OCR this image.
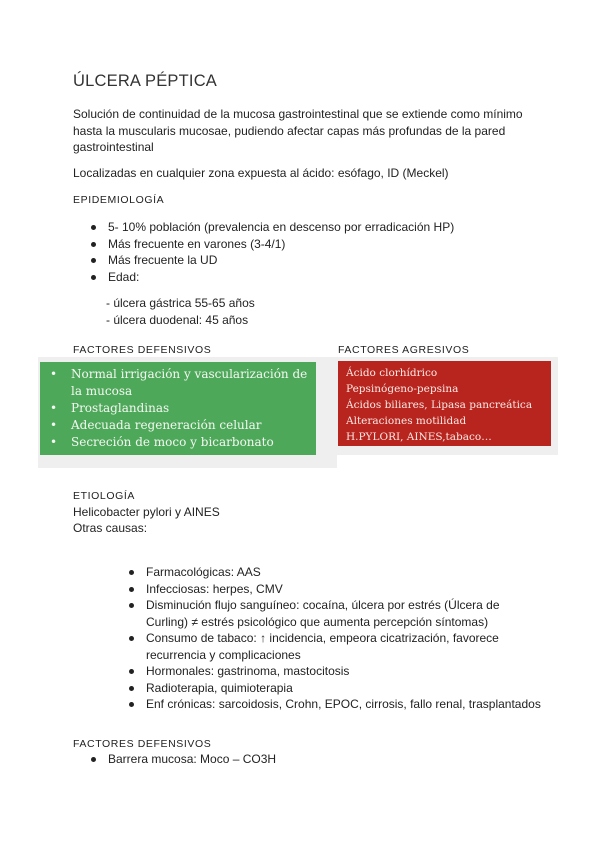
ÚLCERA PÉPTICA
Solución de continuidad de la mucosa gastrointestinal que se extiende como mínimo hasta la muscularis mucosae, pudiendo afectar capas más profundas de la pared gastrointestinal
Localizadas en cualquier zona expuesta al ácido: esófago, ID (Meckel)
EPIDEMIOLOGÍA
5- 10% población (prevalencia en descenso por erradicación HP)
Más frecuente en varones (3-4/1)
Más frecuente la UD
Edad:
- úlcera gástrica 55-65 años
- úlcera duodenal: 45 años
FACTORES DEFENSIVOS	FACTORES AGRESIVOS
• Normal irrigación y vascularización de la mucosa
• Prostaglandinas
• Adecuada regeneración celular
• Secreción de moco y bicarbonato
Ácido clorhídrico
Pepsinógeno-pepsina
Ácidos biliares, Lipasa pancreática
Alteraciones motilidad
H.PYLORI, AINES,tabaco…
ETIOLOGÍA
Helicobacter pylori y AINES
Otras causas:
Farmacológicas: AAS
Infecciosas: herpes, CMV
Disminución flujo sanguíneo: cocaína, úlcera por estrés (Úlcera de Curling) ≠ estrés psicológico que aumenta percepción síntomas)
Consumo de tabaco: ↑ incidencia, empeora cicatrización, favorece recurrencia y complicaciones
Hormonales: gastrinoma, mastocitosis
Radioterapia, quimioterapia
Enf crónicas: sarcoidosis, Crohn, EPOC, cirrosis, fallo renal, trasplantados
FACTORES DEFENSIVOS
Barrera mucosa: Moco – CO3H
